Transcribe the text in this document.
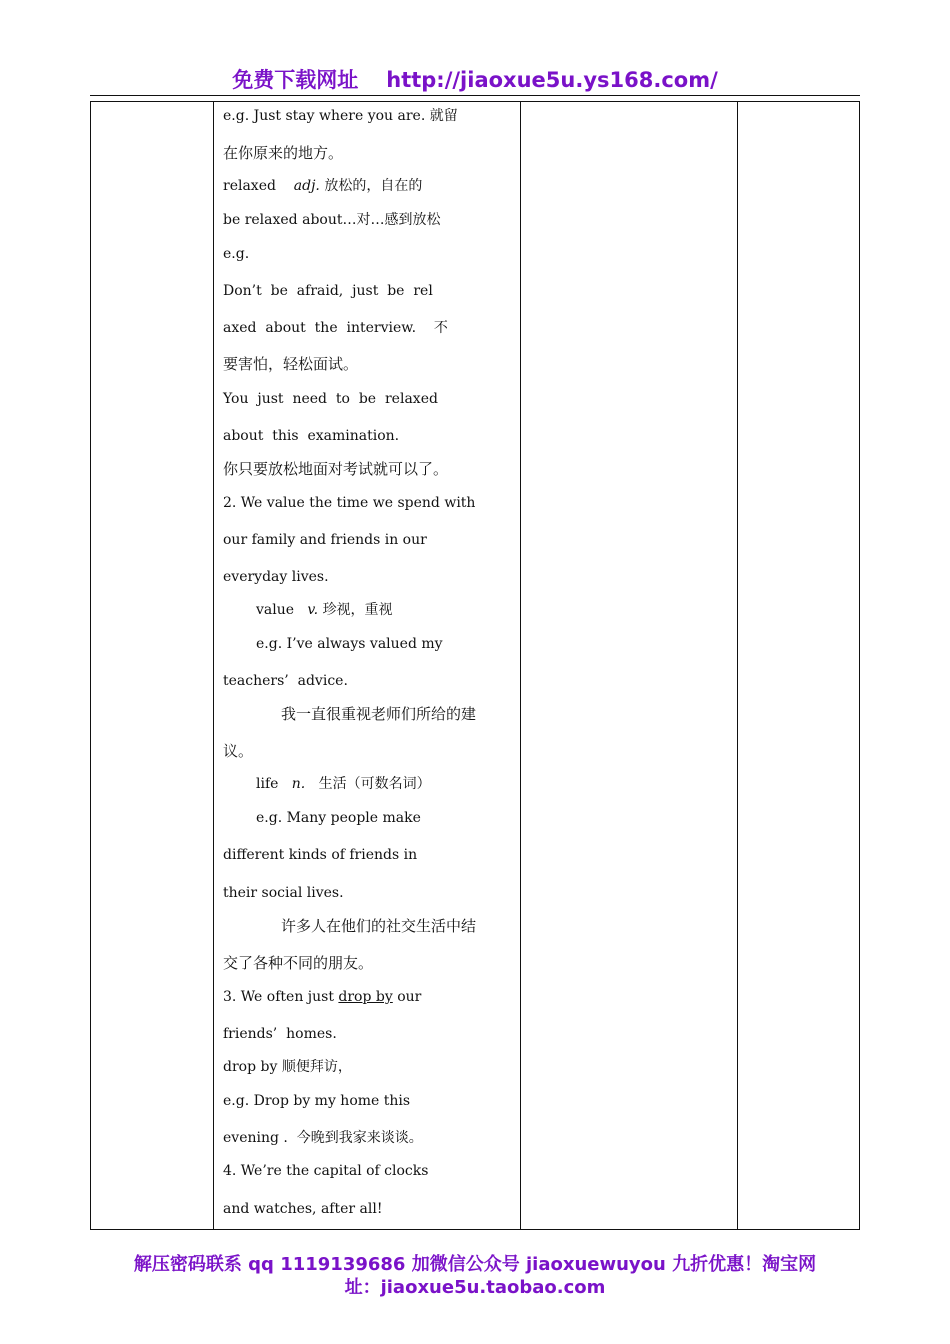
免费下载网址 http://jiaoxue5u.ys168.com/
e.g. Just stay where you are. 就留
在你原来的地方。
relaxed adj. 放松的，自在的
be relaxed about…对…感到放松
e.g.
Don’t  be  afraid,  just  be  rel
axed  about  the  interview.    不
要害怕，轻松面试。
You  just  need  to  be  relaxed
about  this  examination.
你只要放松地面对考试就可以了。
2. We value the time we spend with
our family and friends in our
everyday lives.
value v. 珍视，重视
e.g. I’ve always valued my
teachers’  advice.
我一直很重视老师们所给的建
议。
life n. 生活（可数名词）
e.g. Many people make
different kinds of friends in
their social lives.
许多人在他们的社交生活中结
交了各种不同的朋友。
3. We often just drop by our
friends’  homes.
drop by 顺便拜访，
e.g. Drop by my home this
evening .  今晚到我家来谈谈。
4. We’re the capital of clocks
and watches, after all!
解压密码联系 qq 1119139686 加微信公众号 jiaoxuewuyou 九折优惠！淘宝网
址：jiaoxue5u.taobao.com
